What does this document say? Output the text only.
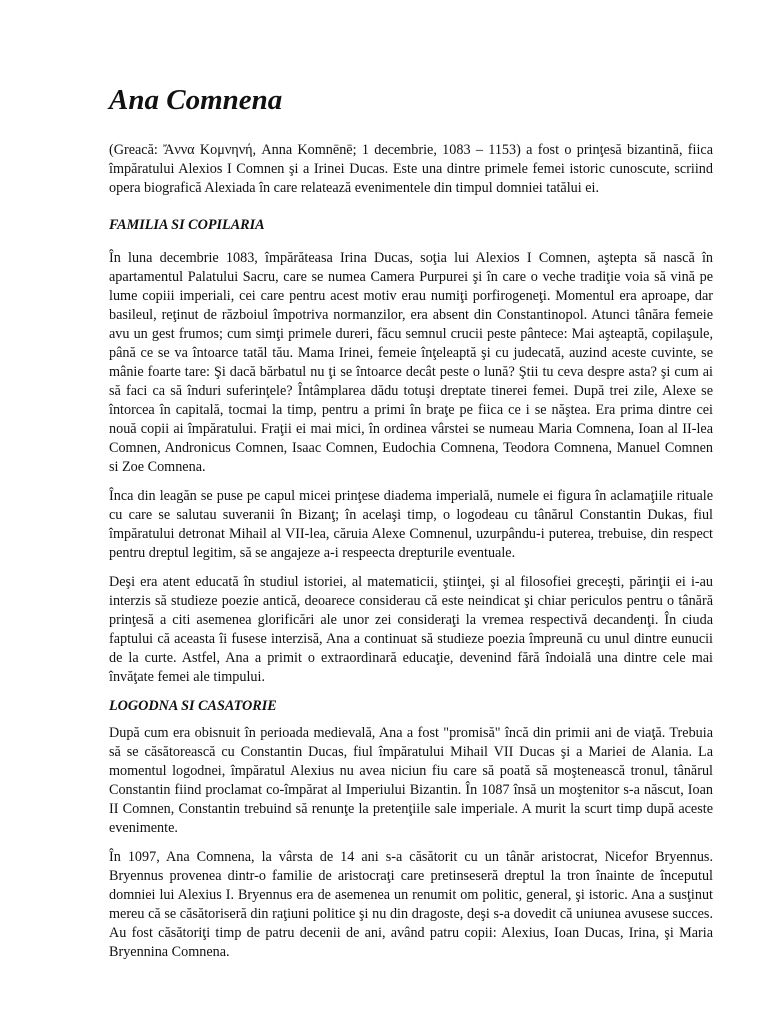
Ana Comnena

(Greacă: Ἄννα Κομνηνή, Anna Komnēnē; 1 decembrie, 1083 – 1153) a fost o prinţesă bizantină, fiica împăratului Alexios I Comnen şi a Irinei Ducas. Este una dintre primele femei istoric cunoscute, scriind opera biografică Alexiada în care relatează evenimentele din timpul domniei tatălui ei.

FAMILIA SI COPILARIA

În luna decembrie 1083, împărăteasa Irina Ducas, soţia lui Alexios I Comnen, aştepta să nască în apartamentul Palatului Sacru, care se numea Camera Purpurei şi în care o veche tradiţie voia să vină pe lume copiii imperiali, cei care pentru acest motiv erau numiţi porfirogeneţi. Momentul era aproape, dar basileul, reţinut de războiul împotriva normanzilor, era absent din Constantinopol. Atunci tânăra femeie avu un gest frumos; cum simţi primele dureri, făcu semnul crucii peste pântece: Mai aşteaptă, copilaşule, până ce se va întoarce tatăl tău. Mama Irinei, femeie înţeleaptă şi cu judecată, auzind aceste cuvinte, se mânie foarte tare: Şi dacă bărbatul nu ţi se întoarce decât peste o lună? Ştii tu ceva despre asta? şi cum ai să faci ca să înduri suferinţele? Întâmplarea dădu totuşi dreptate tinerei femei. După trei zile, Alexe se întorcea în capitală, tocmai la timp, pentru a primi în braţe pe fiica ce i se năştea. Era prima dintre cei nouă copii ai împăratului. Fraţii ei mai mici, în ordinea vârstei se numeau Maria Comnena, Ioan al II-lea Comnen, Andronicus Comnen, Isaac Comnen, Eudochia Comnena, Teodora Comnena, Manuel Comnen si Zoe Comnena.

Înca din leagăn se puse pe capul micei prinţese diadema imperială, numele ei figura în aclamaţiile rituale cu care se salutau suveranii în Bizanţ; în acelaşi timp, o logodeau cu tânărul Constantin Dukas, fiul împăratului detronat Mihail al VII-lea, căruia Alexe Comnenul, uzurpându-i puterea, trebuise, din respect pentru dreptul legitim, să se angajeze a-i respeecta drepturile eventuale.

Deşi era atent educată în studiul istoriei, al matematicii, ştiinţei, şi al filosofiei greceşti, părinţii ei i-au interzis să studieze poezie antică, deoarece considerau că este neindicat şi chiar periculos pentru o tânără prinţesă a citi asemenea glorificări ale unor zei consideraţi la vremea respectivă decandenţi. În ciuda faptului că aceasta îi fusese interzisă, Ana a continuat să studieze poezia împreună cu unul dintre eunucii de la curte. Astfel, Ana a primit o extraordinară educaţie, devenind fără îndoială una dintre cele mai învăţate femei ale timpului.

LOGODNA SI CASATORIE

După cum era obisnuit în perioada medievală, Ana a fost "promisă" încă din primii ani de viaţă. Trebuia să se căsătorească cu Constantin Ducas, fiul împăratului Mihail VII Ducas şi a Mariei de Alania. La momentul logodnei, împăratul Alexius nu avea niciun fiu care să poată să moştenească tronul, tânărul Constantin fiind proclamat co-împărat al Imperiului Bizantin. În 1087 însă un moştenitor s-a născut, Ioan II Comnen, Constantin trebuind să renunţe la pretenţiile sale imperiale. A murit la scurt timp după aceste evenimente.

În 1097, Ana Comnena, la vârsta de 14 ani s-a căsătorit cu un tânăr aristocrat, Nicefor Bryennus. Bryennus provenea dintr-o familie de aristocraţi care pretinseseră dreptul la tron înainte de începutul domniei lui Alexius I. Bryennus era de asemenea un renumit om politic, general, şi istoric. Ana a susţinut mereu că se căsătoriseră din raţiuni politice şi nu din dragoste, deşi s-a dovedit că uniunea avusese succes. Au fost căsătoriţi timp de patru decenii de ani, având patru copii: Alexius, Ioan Ducas, Irina, şi Maria Bryennina Comnena.
